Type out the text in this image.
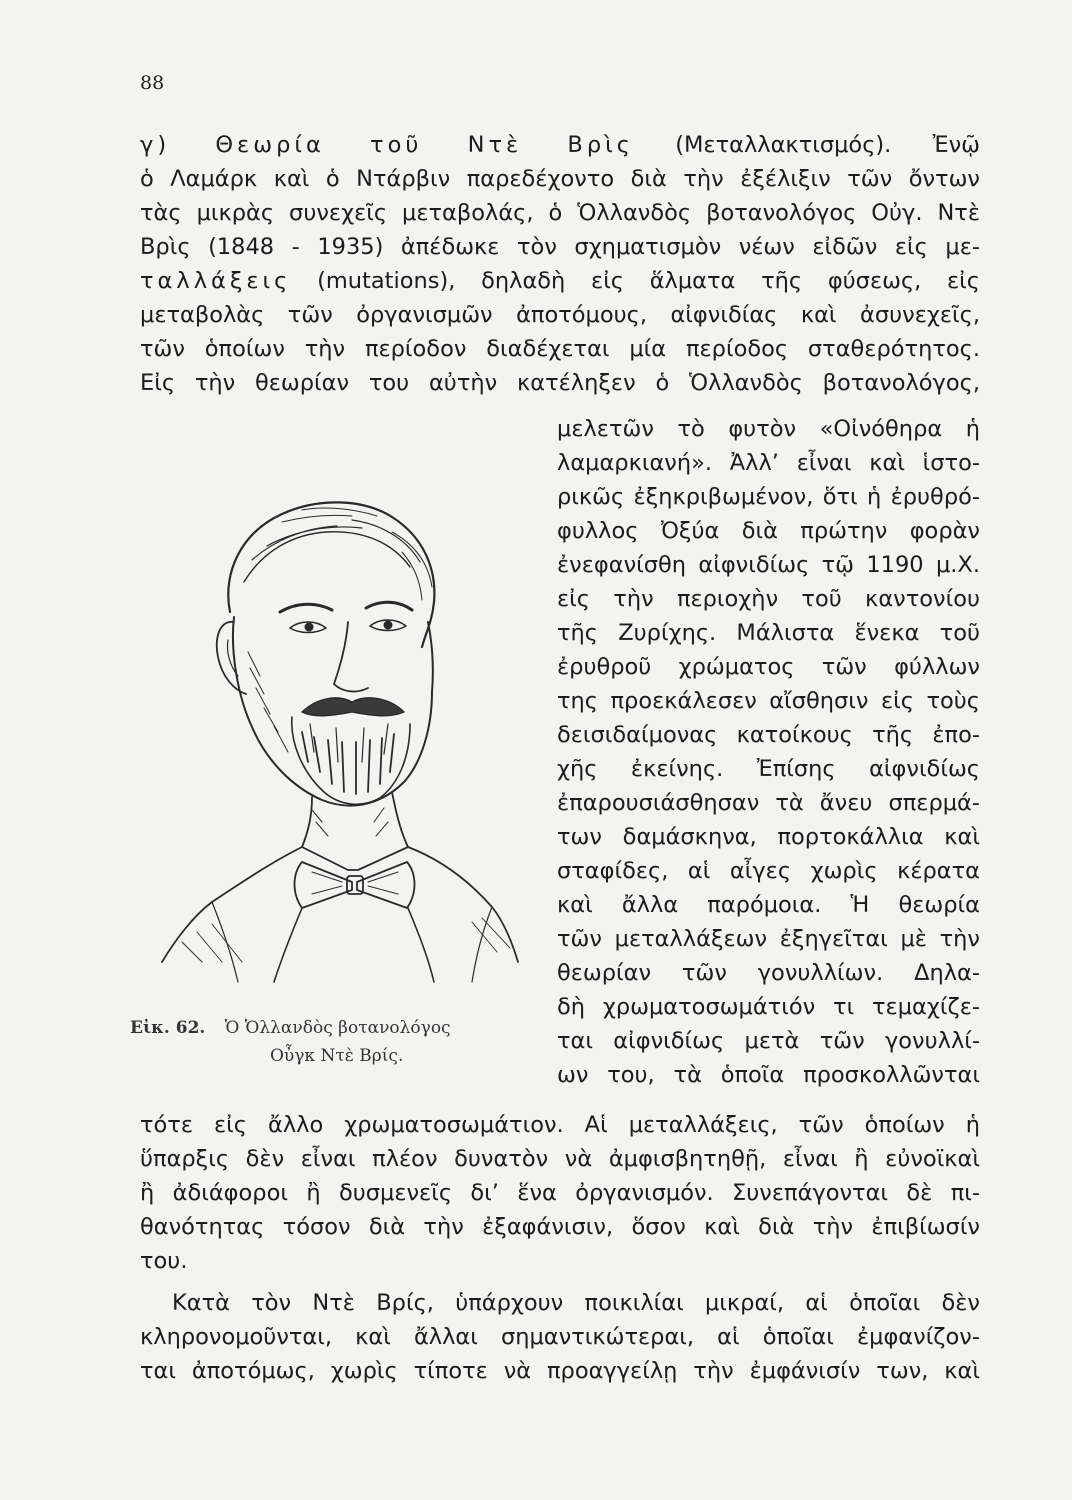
88
γ) Θεωρία τοῦ Ντὲ Βρὶς (Μεταλλακτισμός). Ἐνῷ
ὁ Λαμάρκ καὶ ὁ Ντάρβιν παρεδέχοντο διὰ τὴν ἐξέλιξιν τῶν ὄντων
τὰς μικρὰς συνεχεῖς μεταβολάς, ὁ Ὁλλανδὸς βοτανολόγος Οὐγ. Ντὲ
Βρὶς (1848 - 1935) ἀπέδωκε τὸν σχηματισμὸν νέων εἰδῶν εἰς με-
ταλλάξεις (mutations), δηλαδὴ εἰς ἅλματα τῆς φύσεως, εἰς
μεταβολὰς τῶν ὀργανισμῶν ἀποτόμους, αἰφνιδίας καὶ ἀσυνεχεῖς,
τῶν ὁποίων τὴν περίοδον διαδέχεται μία περίοδος σταθερότητος.
Εἰς τὴν θεωρίαν του αὐτὴν κατέληξεν ὁ Ὁλλανδὸς βοτανολόγος,
μελετῶν τὸ φυτὸν «Οἰνόθηρα ἡ
λαμαρκιανή». Ἀλλ’ εἶναι καὶ ἱστο-
ρικῶς ἐξηκριβωμένον, ὅτι ἡ ἐρυθρό-
φυλλος Ὀξύα διὰ πρώτην φορὰν
ἐνεφανίσθη αἰφνιδίως τῷ 1190 μ.Χ.
εἰς τὴν περιοχὴν τοῦ καντονίου
τῆς Ζυρίχης. Μάλιστα ἕνεκα τοῦ
ἐρυθροῦ χρώματος τῶν φύλλων
της προεκάλεσεν αἴσθησιν εἰς τοὺς
δεισιδαίμονας κατοίκους τῆς ἐπο-
χῆς ἐκείνης. Ἐπίσης αἰφνιδίως
ἐπαρουσιάσθησαν τὰ ἄνευ σπερμά-
των δαμάσκηνα, πορτοκάλλια καὶ
σταφίδες, αἱ αἶγες χωρὶς κέρατα
καὶ ἄλλα παρόμοια. Ἡ θεωρία
τῶν μεταλλάξεων ἐξηγεῖται μὲ τὴν
θεωρίαν τῶν γονυλλίων. Δηλα-
δὴ χρωματοσωμάτιόν τι τεμαχίζε-
ται αἰφνιδίως μετὰ τῶν γονυλλί-
ων του, τὰ ὁποῖα προσκολλῶνται
Εἰκ. 62. Ὁ Ὁλλανδὸς βοτανολόγος
Οὖγκ Ντὲ Βρίς.
τότε εἰς ἄλλο χρωματοσωμάτιον. Αἱ μεταλλάξεις, τῶν ὁποίων ἡ
ὕπαρξις δὲν εἶναι πλέον δυνατὸν νὰ ἀμφισβητηθῇ, εἶναι ἢ εὐνοϊκαὶ
ἢ ἀδιάφοροι ἢ δυσμενεῖς δι’ ἕνα ὀργανισμόν. Συνεπάγονται δὲ πι-
θανότητας τόσον διὰ τὴν ἐξαφάνισιν, ὅσον καὶ διὰ τὴν ἐπιβίωσίν
του.
Κατὰ τὸν Ντὲ Βρίς, ὑπάρχουν ποικιλίαι μικραί, αἱ ὁποῖαι δὲν
κληρονομοῦνται, καὶ ἄλλαι σημαντικώτεραι, αἱ ὁποῖαι ἐμφανίζον-
ται ἀποτόμως, χωρὶς τίποτε νὰ προαγγείλῃ τὴν ἐμφάνισίν των, καὶ
